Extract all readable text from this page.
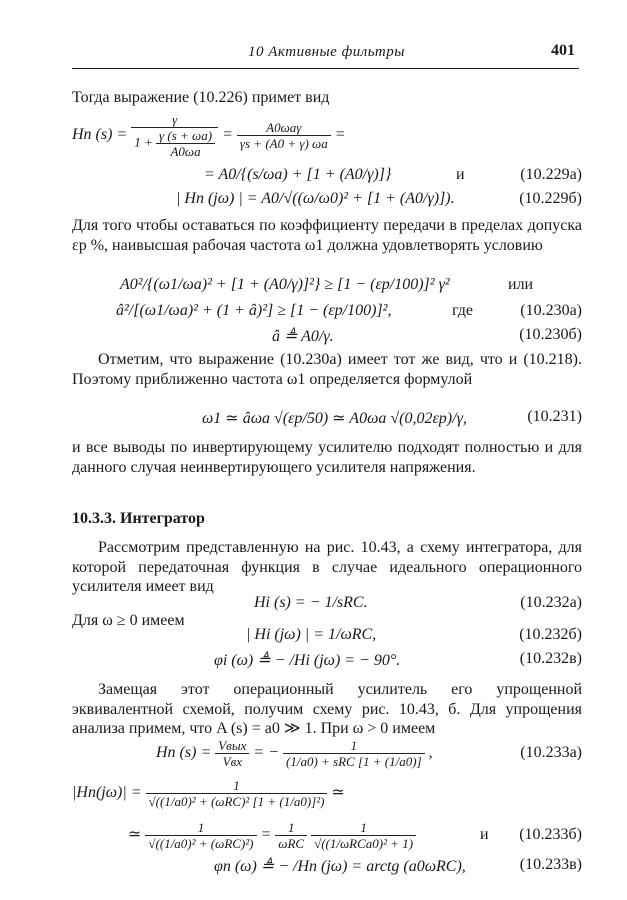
10 Активные фильтры	401
Тогда выражение (10.226) примет вид
Hn $(s) = \frac{\gamma}{1 + \frac{\gamma (s + \omega a)}{A0\omega a}} = \frac{\text{A0ωaγ}}{\gamma s + (A0 + \gamma) \omega a}$ =
= A0/{(s/ωa) + [1 + (A0/γ)]}	и	(10.229a)
| Hn (jω) | = A0/√((ω/ω0)² + [1 + (A0/γ)]).	(10.229б)
Для того чтобы оставаться по коэффициенту передачи в пределах допуска εp %, наивысшая рабочая частота ω1 должна удовлетворять условию
A0²/{(ω1/ωa)² + [1 + (A0/γ)]²} ≥ [1 − (εp/100)]² γ²	или
â²/[(ω1/ωa)² + (1 + â)²] ≥ [1 − (εp/100)]²,	где	(10.230а)
â ≜ A0/γ.	(10.230б)
Отметим, что выражение (10.230а) имеет тот же вид, что и (10.218). Поэтому приближенно частота ω1 определяется формулой
ω1 ≃ âωa √(εp/50) ≃ A0ωa √(0,02εp)/γ,	(10.231)
и все выводы по инвертирующему усилителю подходят полностью и для данного случая неинвертирующего усилителя напряжения.
10.3.3. Интегратор
Рассмотрим представленную на рис. 10.43, а схему интегратора, для которой передаточная функция в случае идеального операционного усилителя имеет вид
Hi (s) = − 1/sRC.	(10.232а)
Для ω ≥ 0 имеем
| Hi (jω) | = 1/ωRC,	(10.232б)
φi (ω) ≜ − /Hi (jω) = − 90°.	(10.232в)
Замещая этот операционный усилитель его упрощенной эквивалентной схемой, получим схему рис. 10.43, б. Для упрощения анализа примем, что A (s) = a0 ≫ 1. При ω > 0 имеем
Hn $(s) = \frac{\text{Vвых}}{\text{Vвх}}$ = − $\frac{1}{\text{(1/a0) + sRC [1 + (1/a0)]}}$ ,	(10.233а)
$|Hn(j\omega)| = \frac{1}{\text{√((1/a0)² + (ωRC)² [1 + (1/a0)]²)}}$ ≃
≃ $\frac{1}{\text{√((1/a0)² + (ωRC)²)}} = \frac{1}{\text{ωRC}}$
$\frac{1}{\text{√((1/ωRCa0)² + 1)}}$	и (10.233б)
φn (ω) ≜ − /Hn (jω) = arctg (a0ωRC),	(10.233в)
